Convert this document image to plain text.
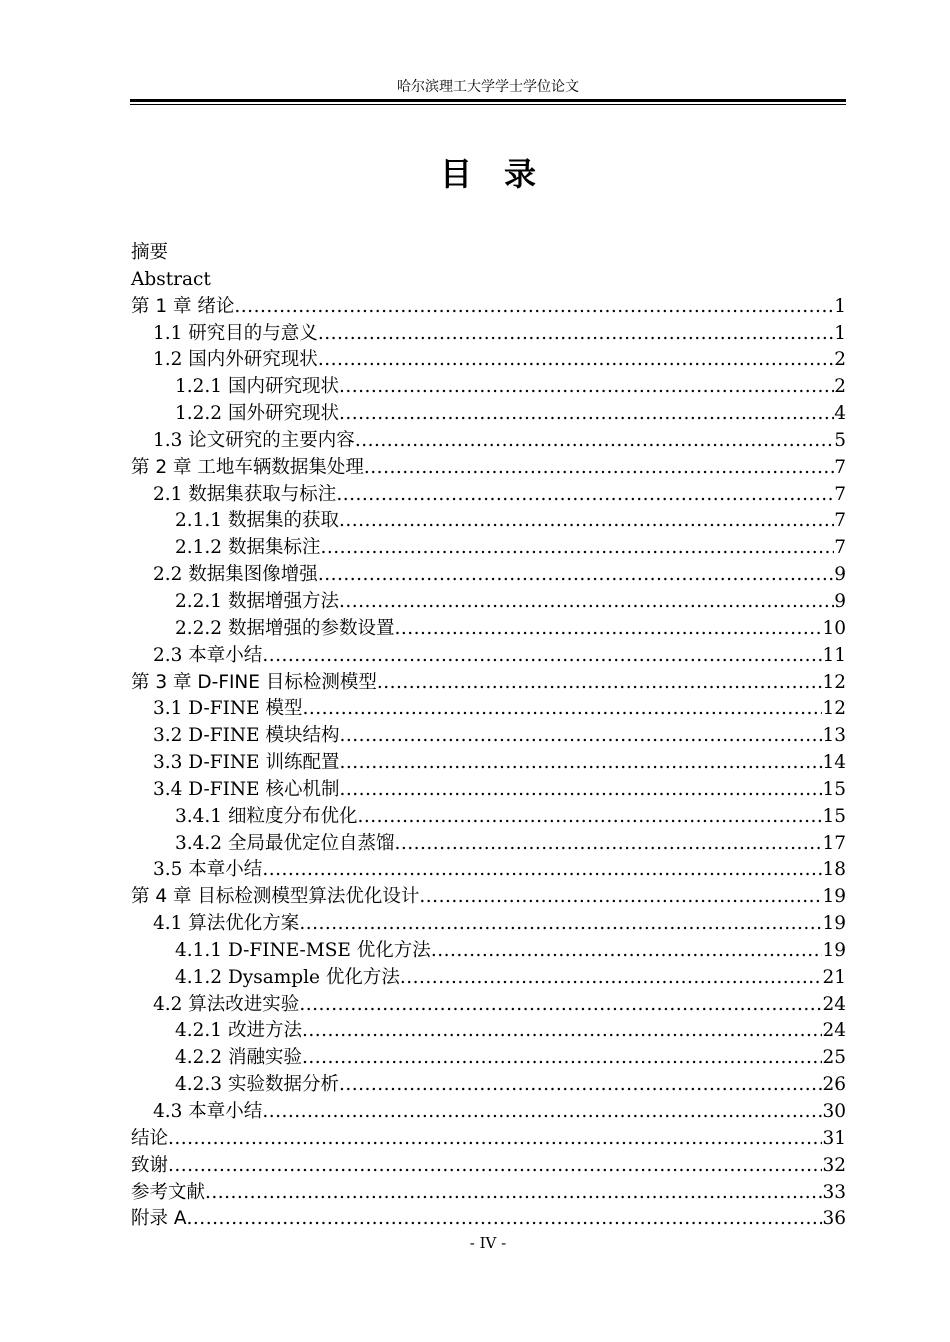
哈尔滨理工大学学士学位论文
目　录
摘要
Abstract
第 1 章 绪论 .....	1
1.1 研究目的与意义 .....	1
1.2 国内外研究现状 .....	2
1.2.1 国内研究现状 .....	2
1.2.2 国外研究现状 .....	4
1.3 论文研究的主要内容 .....	5
第 2 章 工地车辆数据集处理 .....	7
2.1 数据集获取与标注 .....	7
2.1.1 数据集的获取 .....	7
2.1.2 数据集标注 .....	7
2.2 数据集图像增强 .....	9
2.2.1 数据增强方法 .....	9
2.2.2 数据增强的参数设置 .....	10
2.3 本章小结 .....	11
第 3 章 D-FINE 目标检测模型 .....	12
3.1 D-FINE 模型 .....	12
3.2 D-FINE 模块结构 .....	13
3.3 D-FINE 训练配置 .....	14
3.4 D-FINE 核心机制 .....	15
3.4.1 细粒度分布优化 .....	15
3.4.2 全局最优定位自蒸馏 .....	17
3.5 本章小结 .....	18
第 4 章 目标检测模型算法优化设计 .....	19
4.1 算法优化方案 .....	19
4.1.1 D-FINE-MSE 优化方法 .....	19
4.1.2 Dysample 优化方法 .....	21
4.2 算法改进实验 .....	24
4.2.1 改进方法 .....	24
4.2.2 消融实验 .....	25
4.2.3 实验数据分析 .....	26
4.3 本章小结 .....	30
结论 .....	31
致谢 .....	32
参考文献 .....	33
附录 A .....	36
- IV -
